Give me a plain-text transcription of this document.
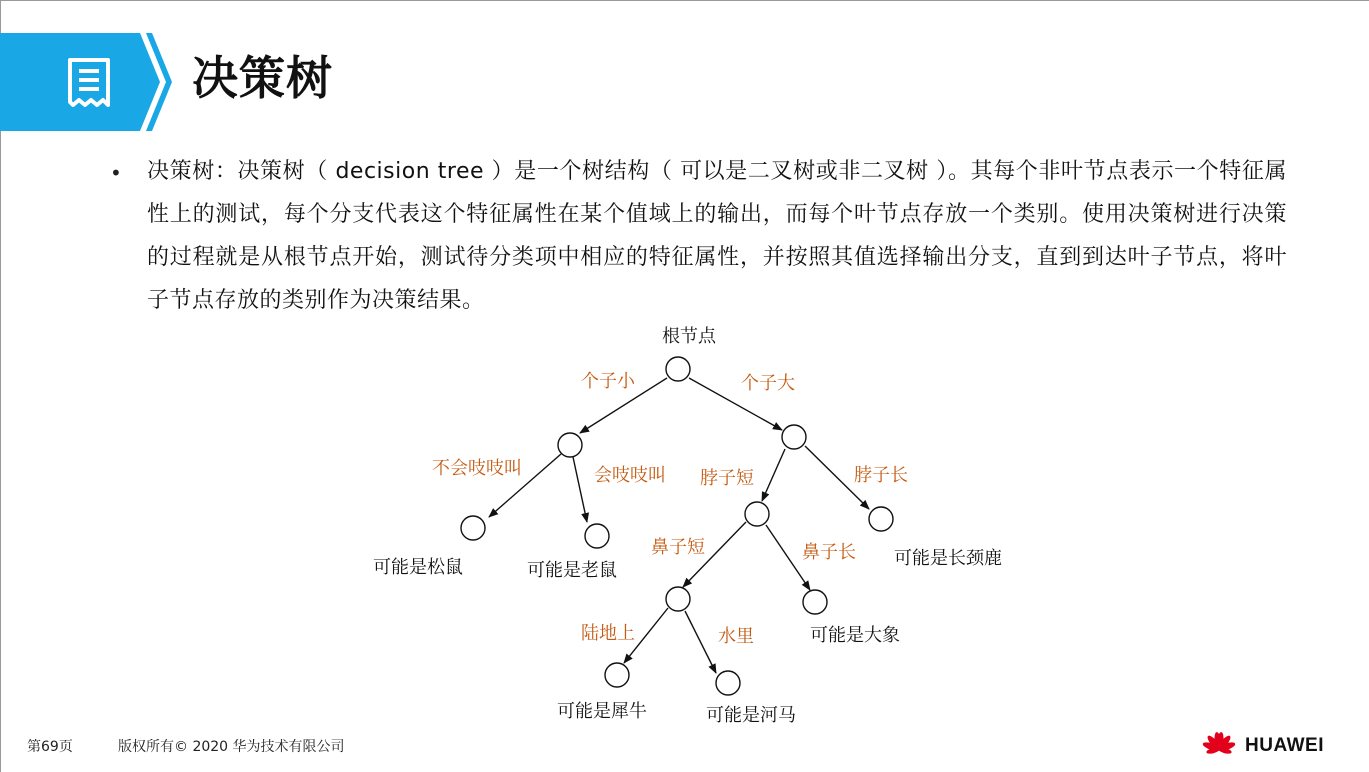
决策树
• 决策树：决策树（ decision tree ）是一个树结构（ 可以是二叉树或非二叉树 ）。其每个非叶节点表示一个特征属性上的测试，每个分支代表这个特征属性在某个值域上的输出，而每个叶节点存放一个类别。使用决策树进行决策的过程就是从根节点开始，测试待分类项中相应的特征属性，并按照其值选择输出分支，直到到达叶子节点，将叶子节点存放的类别作为决策结果。
根节点
个子小	个子大
不会吱吱叫	会吱吱叫 脖子短	脖子长
鼻子短	鼻子长
陆地上	水里
可能是松鼠	可能是老鼠
可能是长颈鹿
可能是大象
可能是犀牛	可能是河马
第69页	版权所有© 2020 华为技术有限公司	HUAWEI
